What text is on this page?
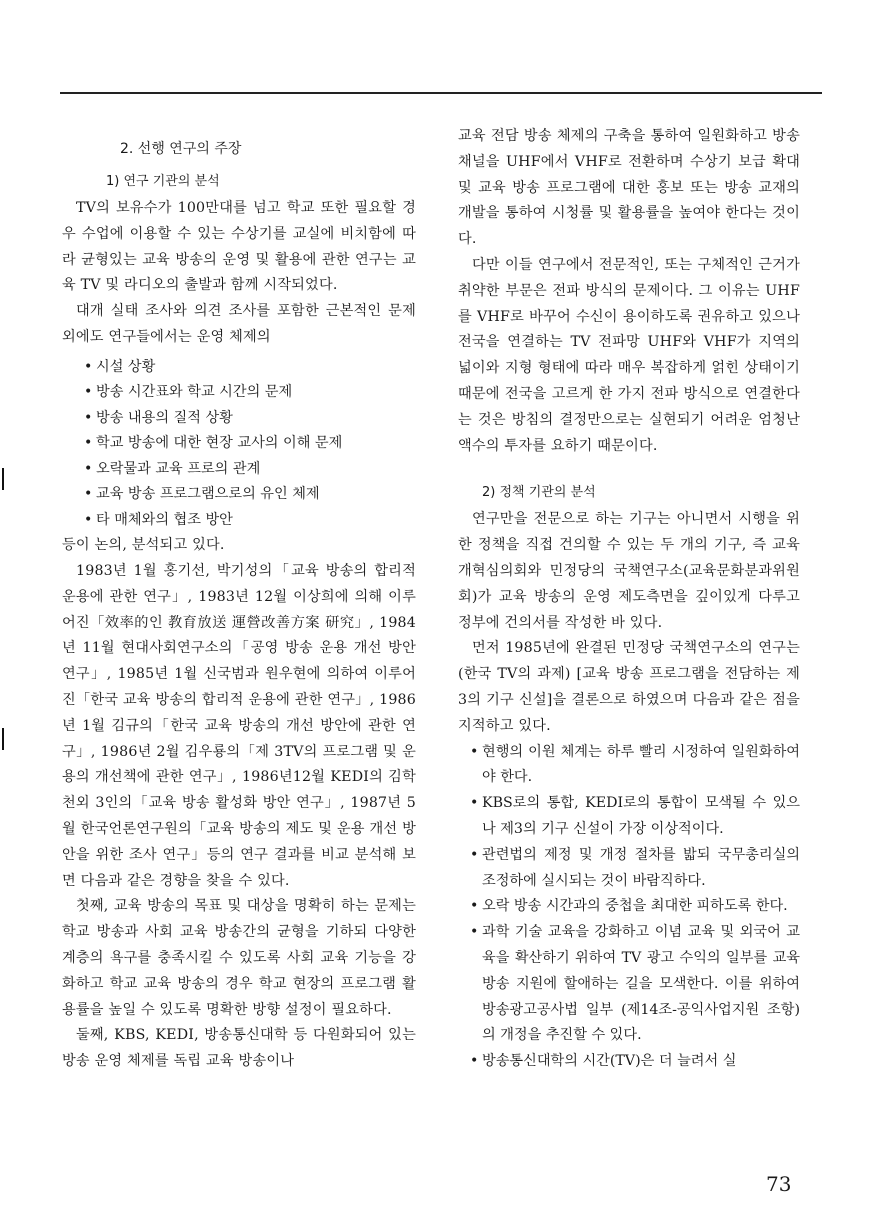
2. 선행 연구의 주장
1) 연구 기관의 분석

TV의 보유수가 100만대를 넘고 학교 또한 필요할 경우 수업에 이용할 수 있는 수상기를 교실에 비치함에 따라 균형있는 교육 방송의 운영 및 활용에 관한 연구는 교육 TV 및 라디오의 출발과 함께 시작되었다.

대개 실태 조사와 의견 조사를 포함한 근본적인 문제 외에도 연구들에서는 운영 체제의

• 시설 상황
• 방송 시간표와 학교 시간의 문제
• 방송 내용의 질적 상황
• 학교 방송에 대한 현장 교사의 이해 문제
• 오락물과 교육 프로의 관계
• 교육 방송 프로그램으로의 유인 체제
• 타 매체와의 협조 방안

등이 논의, 분석되고 있다.

1983년 1월 홍기선, 박기성의「교육 방송의 합리적 운용에 관한 연구」, 1983년 12월 이상희에 의해 이루어진「效率的인 教育放送 運營改善方案 研究」, 1984년 11월 현대사회연구소의「공영 방송 운용 개선 방안 연구」, 1985년 1월 신국범과 원우현에 의하여 이루어진「한국 교육 방송의 합리적 운용에 관한 연구」, 1986년 1월 김규의「한국 교육 방송의 개선 방안에 관한 연구」, 1986년 2월 김우룡의「제 3TV의 프로그램 및 운용의 개선책에 관한 연구」, 1986년12월 KEDI의 김학천외 3인의「교육 방송 활성화 방안 연구」, 1987년 5월 한국언론연구원의「교육 방송의 제도 및 운용 개선 방안을 위한 조사 연구」등의 연구 결과를 비교 분석해 보면 다음과 같은 경향을 찾을 수 있다.

첫째, 교육 방송의 목표 및 대상을 명확히 하는 문제는 학교 방송과 사회 교육 방송간의 균형을 기하되 다양한 계층의 욕구를 충족시킬 수 있도록 사회 교육 기능을 강화하고 학교 교육 방송의 경우 학교 현장의 프로그램 활용률을 높일 수 있도록 명확한 방향 설정이 필요하다.

둘째, KBS, KEDI, 방송통신대학 등 다원화되어 있는 방송 운영 체제를 독립 교육 방송이나

교육 전담 방송 체제의 구축을 통하여 일원화하고 방송 채널을 UHF에서 VHF로 전환하며 수상기 보급 확대 및 교육 방송 프로그램에 대한 홍보 또는 방송 교재의 개발을 통하여 시청률 및 활용률을 높여야 한다는 것이다.

다만 이들 연구에서 전문적인, 또는 구체적인 근거가 취약한 부문은 전파 방식의 문제이다. 그 이유는 UHF를 VHF로 바꾸어 수신이 용이하도록 권유하고 있으나 전국을 연결하는 TV 전파망 UHF와 VHF가 지역의 넓이와 지형 형태에 따라 매우 복잡하게 얽힌 상태이기 때문에 전국을 고르게 한 가지 전파 방식으로 연결한다는 것은 방침의 결정만으로는 실현되기 어려운 엄청난 액수의 투자를 요하기 때문이다.

2) 정책 기관의 분석

연구만을 전문으로 하는 기구는 아니면서 시행을 위한 정책을 직접 건의할 수 있는 두 개의 기구, 즉 교육개혁심의회와 민정당의 국책연구소(교육문화분과위원회)가 교육 방송의 운영 제도측면을 깊이있게 다루고 정부에 건의서를 작성한 바 있다.

먼저 1985년에 완결된 민정당 국책연구소의 연구는 (한국 TV의 과제) [교육 방송 프로그램을 전담하는 제 3의 기구 신설]을 결론으로 하였으며 다음과 같은 점을 지적하고 있다.

• 현행의 이원 체계는 하루 빨리 시정하여 일원화하여야 한다.
• KBS로의 통합, KEDI로의 통합이 모색될 수 있으나 제3의 기구 신설이 가장 이상적이다.
• 관련법의 제정 및 개정 절차를 밟되 국무총리실의 조정하에 실시되는 것이 바람직하다.
• 오락 방송 시간과의 중첩을 최대한 피하도록 한다.
• 과학 기술 교육을 강화하고 이념 교육 및 외국어 교육을 확산하기 위하여 TV 광고 수익의 일부를 교육 방송 지원에 할애하는 길을 모색한다. 이를 위하여 방송광고공사법 일부 (제14조-공익사업지원 조항)의 개정을 추진할 수 있다.
• 방송통신대학의 시간(TV)은 더 늘려서 실
73
